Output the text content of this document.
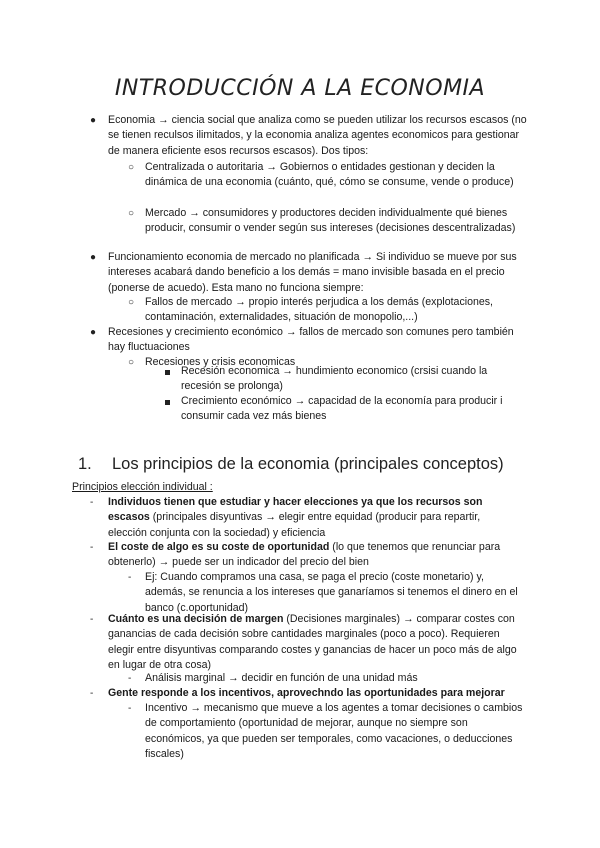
INTRODUCCIÓN A LA ECONOMIA
● Economia → ciencia social que analiza como se pueden utilizar los recursos escasos (no se tienen reculsos ilimitados, y la economia analiza agentes economicos para gestionar de manera eficiente esos recursos escasos). Dos tipos:
○ Centralizada o autoritaria → Gobiernos o entidades gestionan y deciden la dinámica de una economia (cuánto, qué, cómo se consume, vende o produce)
○ Mercado → consumidores y productores deciden individualmente qué bienes producir, consumir o vender según sus intereses (decisiones descentralizadas)
● Funcionamiento economia de mercado no planificada → Si individuo se mueve por sus intereses acabará dando beneficio a los demás = mano invisible basada en el precio (ponerse de acuedo). Esta mano no funciona siempre:
○ Fallos de mercado → propio interés perjudica a los demás (explotaciones, contaminación, externalidades, situación de monopolio,...)
● Recesiones y crecimiento económico → fallos de mercado son comunes pero también hay fluctuaciones
○ Recesiones y crisis economicas
Recesión economica → hundimiento economico (crsisi cuando la recesión se prolonga)
Crecimiento económico → capacidad de la economía para producir i consumir cada vez más bienes
1. Los principios de la economia (principales conceptos)
Principios elección individual :
- Individuos tienen que estudiar y hacer elecciones ya que los recursos son escasos (principales disyuntivas → elegir entre equidad (producir para repartir, elección conjunta con la sociedad) y eficiencia
- El coste de algo es su coste de oportunidad (lo que tenemos que renunciar para obtenerlo) → puede ser un indicador del precio del bien
- Ej: Cuando compramos una casa, se paga el precio (coste monetario) y, además, se renuncia a los intereses que ganaríamos si tenemos el dinero en el banco (c.oportunidad)
- Cuánto es una decisión de margen (Decisiones marginales) → comparar costes con ganancias de cada decisión sobre cantidades marginales (poco a poco). Requieren elegir entre disyuntivas comparando costes y ganancias de hacer un poco más de algo en lugar de otra cosa)
- Análisis marginal → decidir en función de una unidad más
- Gente responde a los incentivos, aprovechndo las oportunidades para mejorar
- Incentivo → mecanismo que mueve a los agentes a tomar decisiones o cambios de comportamiento (oportunidad de mejorar, aunque no siempre son económicos, ya que pueden ser temporales, como vacaciones, o deducciones fiscales)
